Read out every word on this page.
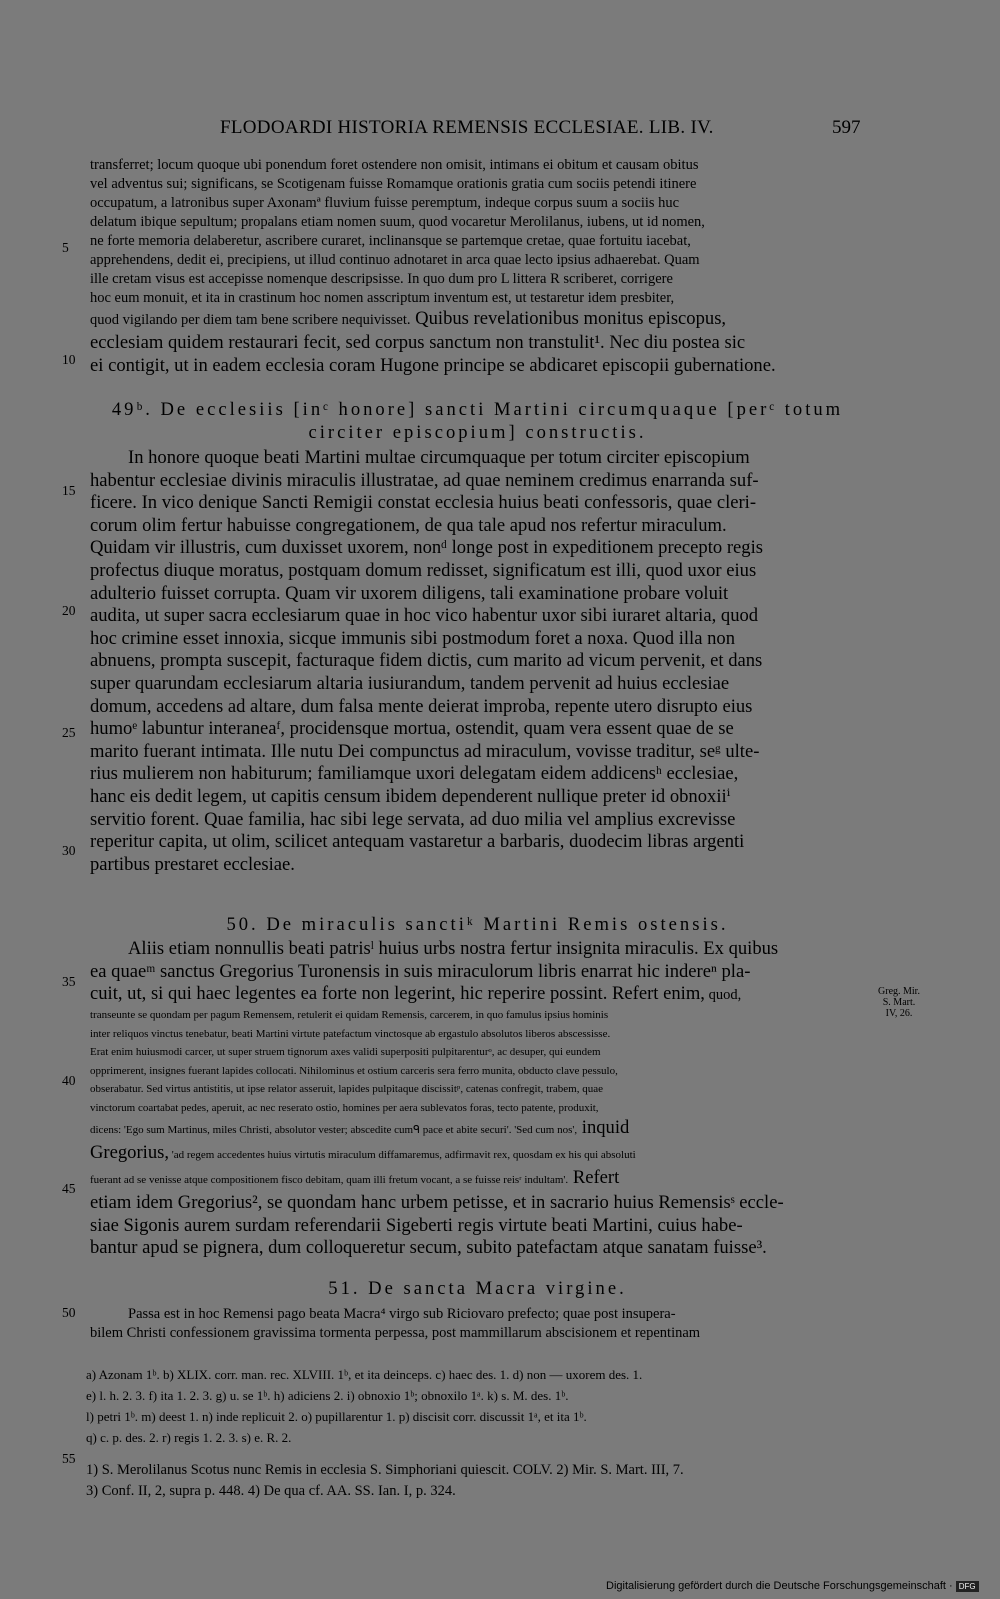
FLODOARDI HISTORIA REMENSIS ECCLESIAE. LIB. IV.	597
transferret; locum quoque ubi ponendum foret ostendere non omisit, intimans ei obitum et causam obitus
vel adventus sui; significans, se Scotigenam fuisse Romamque orationis gratia cum sociis petendi itinere
occupatum, a latronibus super Axonamª fluvium fuisse peremptum, indeque corpus suum a sociis huc
delatum ibique sepultum; propalans etiam nomen suum, quod vocaretur Merolilanus, iubens, ut id nomen,
ne forte memoria delaberetur, ascribere curaret, inclinansque se partemque cretae, quae fortuitu iacebat,
apprehendens, dedit ei, precipiens, ut illud continuo adnotaret in arca quae lecto ipsius adhaerebat. Quam
ille cretam visus est accepisse nomenque descripsisse. In quo dum pro L littera R scriberet, corrigere
hoc eum monuit, et ita in crastinum hoc nomen asscriptum inventum est, ut testaretur idem presbiter,
quod vigilando per diem tam bene scribere nequivisset. Quibus revelationibus monitus episcopus,
ecclesiam quidem restaurari fecit, sed corpus sanctum non transtulit¹. Nec diu postea sic
ei contigit, ut in eadem ecclesia coram Hugone principe se abdicaret episcopii gubernatione.
49ᵇ. De ecclesiis [inᶜ honore] sancti Martini circumquaque [perᶜ totum
circiter episcopium] constructis.
In honore quoque beati Martini multae circumquaque per totum circiter episcopium
habentur ecclesiae divinis miraculis illustratae, ad quae neminem credimus enarranda suf-
ficere. In vico denique Sancti Remigii constat ecclesia huius beati confessoris, quae cleri-
corum olim fertur habuisse congregationem, de qua tale apud nos refertur miraculum.
Quidam vir illustris, cum duxisset uxorem, nonᵈ longe post in expeditionem precepto regis
profectus diuque moratus, postquam domum redisset, significatum est illi, quod uxor eius
adulterio fuisset corrupta. Quam vir uxorem diligens, tali examinatione probare voluit
audita, ut super sacra ecclesiarum quae in hoc vico habentur uxor sibi iuraret altaria, quod
hoc crimine esset innoxia, sicque immunis sibi postmodum foret a noxa. Quod illa non
abnuens, prompta suscepit, facturaque fidem dictis, cum marito ad vicum pervenit, et dans
super quarundam ecclesiarum altaria iusiurandum, tandem pervenit ad huius ecclesiae
domum, accedens ad altare, dum falsa mente deierat improba, repente utero disrupto eius
humoᵉ labuntur interaneaᶠ, procidensque mortua, ostendit, quam vera essent quae de se
marito fuerant intimata. Ille nutu Dei compunctus ad miraculum, vovisse traditur, seᵍ ulte-
rius mulierem non habiturum; familiamque uxori delegatam eidem addicensʰ ecclesiae,
hanc eis dedit legem, ut capitis censum ibidem dependerent nullique preter id obnoxiiⁱ
servitio forent. Quae familia, hac sibi lege servata, ad duo milia vel amplius excrevisse
reperitur capita, ut olim, scilicet antequam vastaretur a barbaris, duodecim libras argenti
partibus prestaret ecclesiae.
50. De miraculis sanctiᵏ Martini Remis ostensis.
Aliis etiam nonnullis beati patrisˡ huius urbs nostra fertur insignita miraculis. Ex quibus
ea quaeᵐ sanctus Gregorius Turonensis in suis miraculorum libris enarrat hic indereⁿ pla-
cuit, ut, si qui haec legentes ea forte non legerint, hic reperire possint. Refert enim, quod,
transeunte se quondam per pagum Remensem, retulerit ei quidam Remensis, carcerem, in quo famulus ipsius hominis
inter reliquos vinctus tenebatur, beati Martini virtute patefactum vinctosque ab ergastulo absolutos liberos abscessisse.
Erat enim huiusmodi carcer, ut super struem tignorum axes validi superpositi pulpitarenturᵒ, ac desuper, qui eundem
opprimerent, insignes fuerant lapides collocati. Nihilominus et ostium carceris sera ferro munita, obducto clave pessulo,
obserabatur. Sed virtus antistitis, ut ipse relator asseruit, lapides pulpitaque discissitᵖ, catenas confregit, trabem, quae
vinctorum coartabat pedes, aperuit, ac nec reserato ostio, homines per aera sublevatos foras, tecto patente, produxit,
dicens: 'Ego sum Martinus, miles Christi, absolutor vester; abscedite cumᑫ pace et abite securi'. 'Sed cum nos', inquid
Gregorius, 'ad regem accedentes huius virtutis miraculum diffamaremus, adfirmavit rex, quosdam ex his qui absoluti
fuerant ad se venisse atque compositionem fisco debitam, quam illi fretum vocant, a se fuisse reisʳ indultam'. Refert
etiam idem Gregorius², se quondam hanc urbem petisse, et in sacrario huius Remensisˢ eccle-
siae Sigonis aurem surdam referendarii Sigeberti regis virtute beati Martini, cuius habe-
bantur apud se pignera, dum colloqueretur secum, subito patefactam atque sanatam fuisse³.
51. De sancta Macra virgine.
Passa est in hoc Remensi pago beata Macra⁴ virgo sub Riciovaro prefecto; quae post insupera-
bilem Christi confessionem gravissima tormenta perpessa, post mammillarum abscisionem et repentinam
5
10
15
20
25
30
35
40
45
50
55
Greg. Mir.
S. Mart.
IV, 26.
a) Azonam 1ᵇ. b) XLIX. corr. man. rec. XLVIII. 1ᵇ, et ita deinceps. c) haec des. 1. d) non — uxorem des. 1.
e) l. h. 2. 3. f) ita 1. 2. 3. g) u. se 1ᵇ. h) adiciens 2. i) obnoxio 1ᵇ; obnoxilo 1ᵃ. k) s. M. des. 1ᵇ.
l) petri 1ᵇ. m) deest 1. n) inde replicuit 2. o) pupillarentur 1. p) discisit corr. discussit 1ᵃ, et ita 1ᵇ.
q) c. p. des. 2. r) regis 1. 2. 3. s) e. R. 2.
1) S. Merolilanus Scotus nunc Remis in ecclesia S. Simphoriani quiescit. COLV. 2) Mir. S. Mart. III, 7.
3) Conf. II, 2, supra p. 448. 4) De qua cf. AA. SS. Ian. I, p. 324.
Digitalisierung gefördert durch die Deutsche Forschungsgemeinschaft · DFG
